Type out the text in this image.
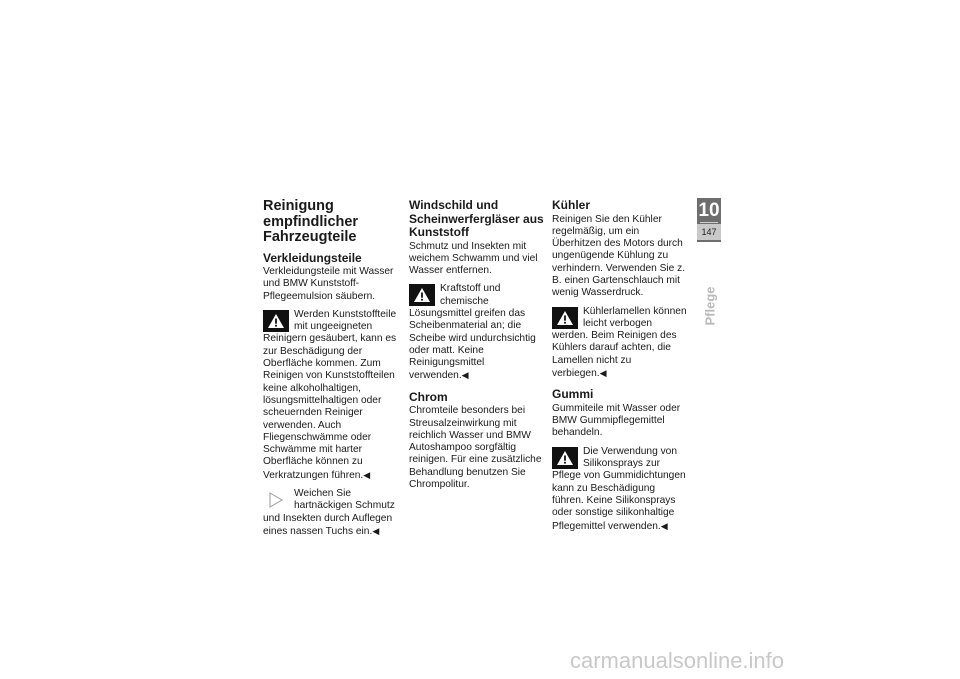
Reinigung empfindlicher Fahrzeugteile
Verkleidungsteile

Verkleidungsteile mit Wasser und BMW Kunststoff-Pflegeemulsion säubern.

Werden Kunststoffteile mit ungeeigneten Reinigern gesäubert, kann es zur Beschädigung der Oberfläche kommen. Zum Reinigen von Kunststoffteilen keine alkoholhaltigen, lösungsmittelhaltigen oder scheuernden Reiniger verwenden. Auch Fliegenschwämme oder Schwämme mit harter Oberfläche können zu Verkratzungen führen.◀
Weichen Sie hartnäckigen Schmutz und Insekten durch Auflegen eines nassen Tuchs ein.◀
Windschild und Scheinwerfergläser aus Kunststoff

Schmutz und Insekten mit weichem Schwamm und viel Wasser entfernen.

Kraftstoff und chemische Lösungsmittel greifen das Scheibenmaterial an; die Scheibe wird undurchsichtig oder matt. Keine Reinigungsmittel verwenden.◀
Chrom

Chromteile besonders bei Streusalzeinwirkung mit reichlich Wasser und BMW Autoshampoo sorgfältig reinigen. Für eine zusätzliche Behandlung benutzen Sie Chrompolitur.

Kühler

Reinigen Sie den Kühler regelmäßig, um ein Überhitzen des Motors durch ungenügende Kühlung zu verhindern. Verwenden Sie z. B. einen Gartenschlauch mit wenig Wasserdruck.

Kühlerlamellen können leicht verbogen werden. Beim Reinigen des Kühlers darauf achten, die Lamellen nicht zu verbiegen.◀
Gummi

Gummiteile mit Wasser oder BMW Gummipflegemittel behandeln.

Die Verwendung von Silikonsprays zur Pflege von Gummidichtungen kann zu Beschädigung führen. Keine Silikonsprays oder sonstige silikonhaltige Pflegemittel verwenden.◀
10
147
Pflege
carmanualsonline.info
